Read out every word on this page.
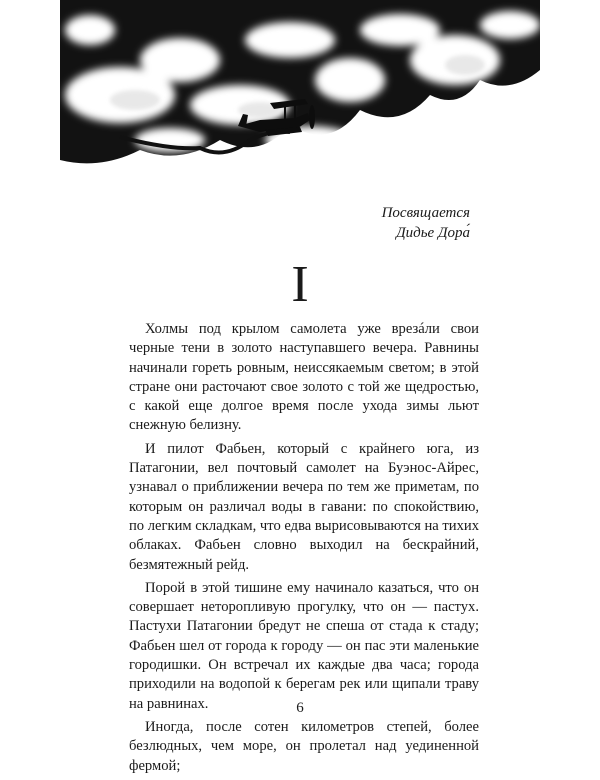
Посвящается
Дидье Дора́
I

Холмы под крылом самолета уже врезáли свои черные тени в золото наступавшего вечера. Равнины начинали гореть ровным, неиссякаемым светом; в этой стране они расточают свое золото с той же щедростью, с какой еще долгое время после ухода зимы льют снежную белизну.

И пилот Фабьен, который с крайнего юга, из Патагонии, вел почтовый самолет на Буэнос-Айрес, узнавал о приближении вечера по тем же приметам, по которым он различал воды в гавани: по спокойствию, по легким складкам, что едва вырисовываются на тихих облаках. Фабьен словно выходил на бескрайний, безмятежный рейд.

Порой в этой тишине ему начинало казаться, что он совершает неторопливую прогулку, что он — пастух. Пастухи Патагонии бредут не спеша от стада к стаду; Фабьен шел от города к городу — он пас эти маленькие городишки. Он встречал их каждые два часа; города приходили на водопой к берегам рек или щипали траву на равнинах.

Иногда, после сотен километров степей, более безлюдных, чем море, он пролетал над уединенной фермой;

6
